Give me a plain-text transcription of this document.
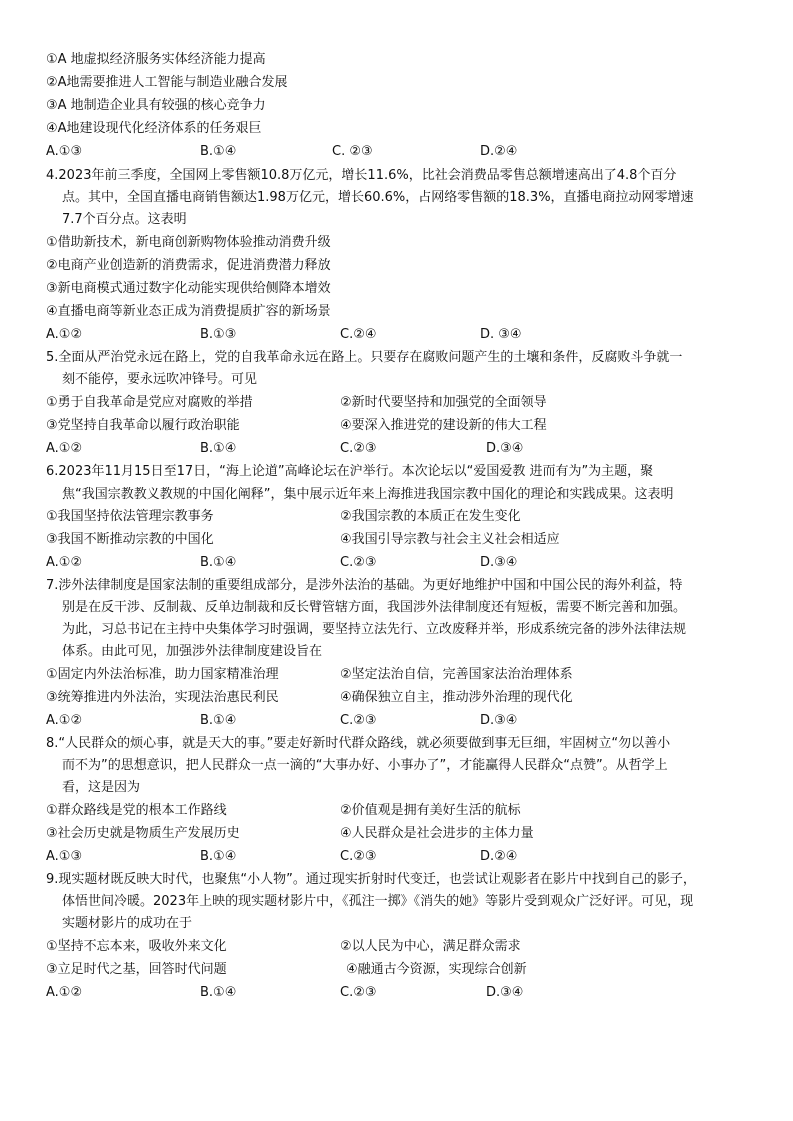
①A 地虚拟经济服务实体经济能力提高
②A地需要推进人工智能与制造业融合发展
③A 地制造企业具有较强的核心竞争力
④A地建设现代化经济体系的任务艰巨
A.①③	B.①④	C. ②③	D.②④
4.2023年前三季度，全国网上零售额10.8万亿元，增长11.6%，比社会消费品零售总额增速高出了4.8个百分
点。其中，全国直播电商销售额达1.98万亿元，增长60.6%，占网络零售额的18.3%，直播电商拉动网零增速
7.7个百分点。这表明
①借助新技术，新电商创新购物体验推动消费升级
②电商产业创造新的消费需求，促进消费潜力释放
③新电商模式通过数字化动能实现供给侧降本增效
④直播电商等新业态正成为消费提质扩容的新场景
A.①②	B.①③	C.②④	D. ③④
5.全面从严治党永远在路上，党的自我革命永远在路上。只要存在腐败问题产生的土壤和条件，反腐败斗争就一
刻不能停，要永远吹冲锋号。可见
①勇于自我革命是党应对腐败的举措	②新时代要坚持和加强党的全面领导
③党坚持自我革命以履行政治职能	④要深入推进党的建设新的伟大工程
A.①②	B.①④	C.②③	D.③④
6.2023年11月15日至17日，“海上论道”高峰论坛在沪举行。本次论坛以“爱国爱教 进而有为”为主题，聚
焦“我国宗教教义教规的中国化阐释”，集中展示近年来上海推进我国宗教中国化的理论和实践成果。这表明
①我国坚持依法管理宗教事务	②我国宗教的本质正在发生变化
③我国不断推动宗教的中国化	④我国引导宗教与社会主义社会相适应
A.①②	B.①④	C.②③	D.③④
7.涉外法律制度是国家法制的重要组成部分，是涉外法治的基础。为更好地维护中国和中国公民的海外利益，特
别是在反干涉、反制裁、反单边制裁和反长臂管辖方面，我国涉外法律制度还有短板，需要不断完善和加强。
为此，习总书记在主持中央集体学习时强调，要坚持立法先行、立改废释并举，形成系统完备的涉外法律法规
体系。由此可见，加强涉外法律制度建设旨在
①固定内外法治标准，助力国家精准治理	②坚定法治自信，完善国家法治治理体系
③统筹推进内外法治，实现法治惠民利民	④确保独立自主，推动涉外治理的现代化
A.①②	B.①④	C.②③	D.③④
8.“人民群众的烦心事，就是天大的事。”要走好新时代群众路线，就必须要做到事无巨细，牢固树立“勿以善小
而不为”的思想意识，把人民群众一点一滴的“大事办好、小事办了”，才能赢得人民群众“点赞”。从哲学上
看，这是因为
①群众路线是党的根本工作路线	②价值观是拥有美好生活的航标
③社会历史就是物质生产发展历史	④人民群众是社会进步的主体力量
A.①③	B.①④	C.②③	D.②④
9.现实题材既反映大时代，也聚焦“小人物”。通过现实折射时代变迁，也尝试让观影者在影片中找到自己的影子，
体悟世间冷暖。2023年上映的现实题材影片中，《孤注一掷》《消失的她》等影片受到观众广泛好评。可见，现
实题材影片的成功在于
①坚持不忘本来，吸收外来文化	②以人民为中心，满足群众需求
③立足时代之基，回答时代问题	④融通古今资源，实现综合创新
A.①②	B.①④	C.②③	D.③④
